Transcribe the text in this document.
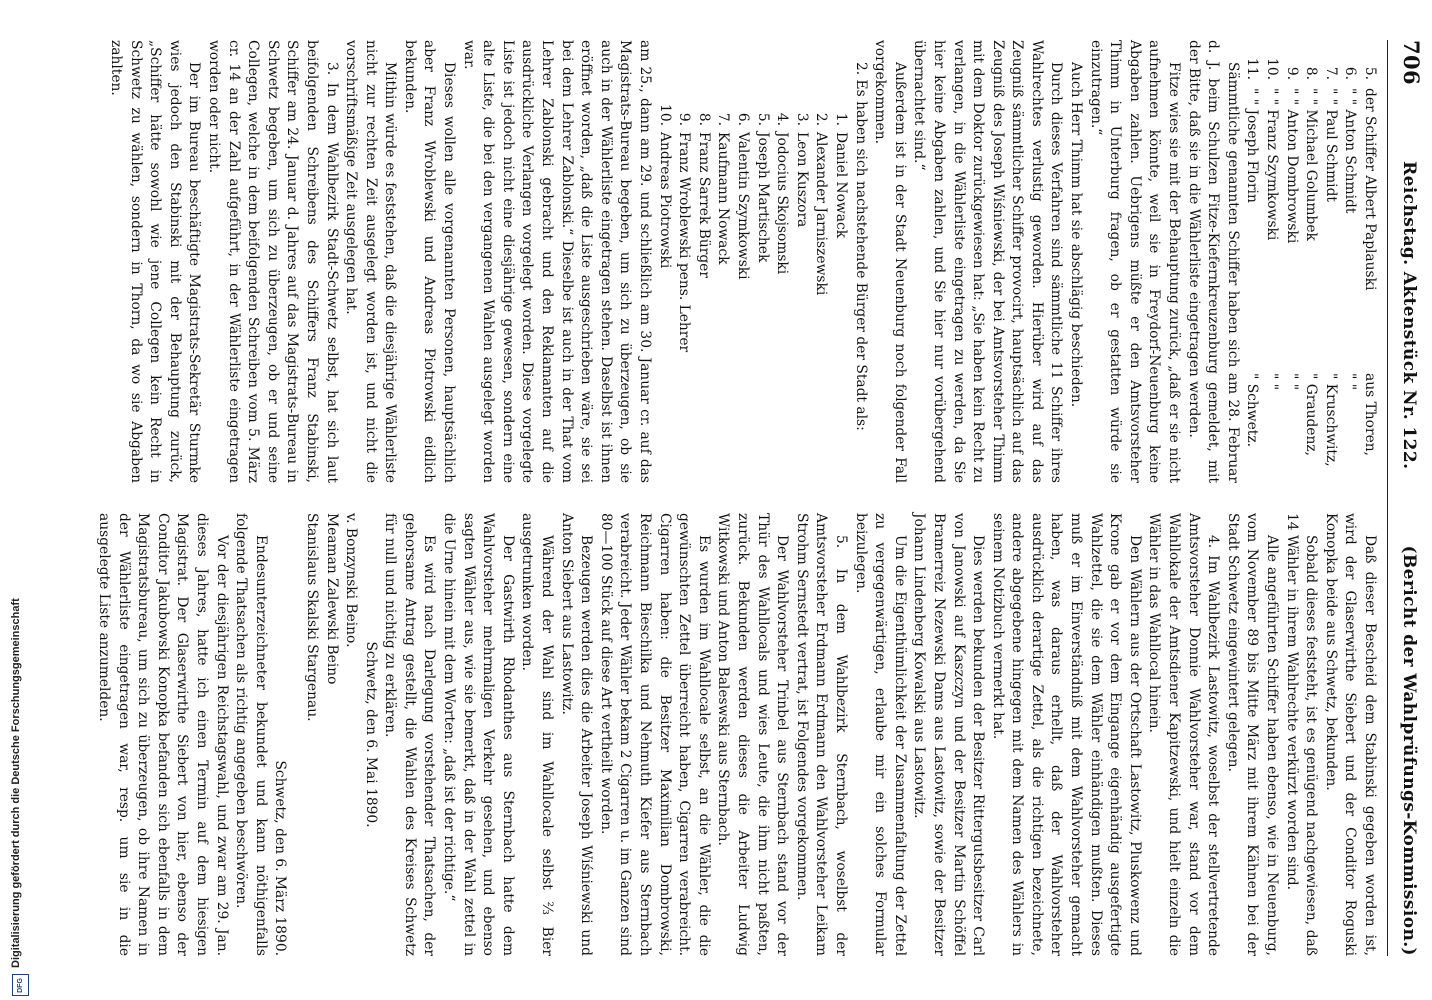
706
Reichstag. Aktenstück Nr. 122.
(Bericht der Wahlprüfungs-Kommission.)
5.
der Schiffer Albert Paplauski
aus Thoren,
6.
" " Anton Schmidt
" "
7.
" " Paul Schmidt
" Kruschwitz,
8.
" " Michael Golumbek
" Graudenz,
9.
" " Anton Dombrowski
" "
10.
" " Franz Szymkowski
" "
11.
" " Joseph Florin
" Schwetz.

Sämmtliche genannten Schiffer haben sich am 28. Februar d. J. beim Schulzen Fitze-Kiefernkreuzenburg gemeldet, mit der Bitte, daß sie in die Wählerliste eingetragen werden.

Fitze wies sie mit der Behauptung zurück, „daß er sie nicht aufnehmen könnte, weil sie in Freydorf-Neuenburg keine Abgaben zahlen. Uebrigens müßte er den Amtsvorsteher Thimm in Unterburg fragen, ob er gestatten würde sie einzutragen.“

Auch Herr Thimm hat sie abschlägig beschieden.

Durch dieses Verfahren sind sämmtliche 11 Schiffer ihres Wahlrechtes verlustig geworden. Hierüber wird auf das Zeugniß sämmtlicher Schiffer provocirt, hauptsächlich auf das Zeugniß des Joseph Wiśniewski, der bei Amtsvorsteher Thimm mit dem Doktor zurückgewiesen hat: „Sie haben kein Recht zu verlangen, in die Wählerliste eingetragen zu werden, da Sie hier keine Abgaben zahlen, und Sie hier nur vorübergehend übernachtet sind.“

Außerdem ist in der Stadt Neuenburg noch folgender Fall vorgekommen.

2. Es haben sich nachstehende Bürger der Stadt als:

1.
Daniel Nowack
2.
Alexander Jarniszewski
3.
Leon Kuszora
4.
Jodocius Skojsomski
5.
Joseph Martischek
6.
Valentin Szymkowski
7.
Kaufmann Nowack
8.
Franz Sarrek Bürger
9.
Franz Wroblewski pens. Lehrer
10.
Andreas Piotrowski

am 25., dann am 29. und schließlich am 30. Januar cr. auf das Magistrats-Bureau begeben, um sich zu überzeugen, ob sie auch in der Wählerliste eingetragen stehen. Daselbst ist ihnen eröffnet worden, „daß die Liste ausgeschrieben wäre, sie sei bei dem Lehrer Zablonski.“ Dieselbe ist auch in der That vom Lehrer Zablonski gebracht und den Reklamanten auf die ausdrückliche Verlangen vorgelegt worden. Diese vorgelegte Liste ist jedoch nicht eine diesjährige gewesen, sondern eine alte Liste, die bei den vergangenen Wahlen ausgelegt worden war.

Dieses wollen alle vorgenannten Personen, hauptsächlich aber Franz Wroblewski und Andreas Piotrowski eidlich bekunden.

Mithin würde es feststehen, daß die diesjährige Wählerliste nicht zur rechten Zeit ausgelegt worden ist, und nicht die vorschriftsmäßige Zeit ausgelegen hat.

3. In dem Wahlbezirk Stadt-Schwetz selbst, hat sich laut beifolgenden Schreibens des Schiffers Franz Stabinski, Schiffer am 24. Januar d. Jahres auf das Magistrats-Bureau in Schwetz begeben, um sich zu überzeugen, ob er und seine Collegen, welche in dem beifolgenden Schreiben vom 5. März cr. 14 an der Zahl aufgeführt, in der Wählerliste eingetragen worden oder nicht.

Der im Bureau beschäftigte Magistrats-Sekretär Sturmke wies jedoch den Stabinski mit der Behauptung zurück, „Schiffer hätte sowohl wie jene Collegen kein Recht in Schwetz zu wählen, sondern in Thorn, da wo sie Abgaben zahlten.

Daß dieser Bescheid dem Stabinski gegeben worden ist, wird der Glaserwirthe Siebert und der Conditor Roguski Konopka beide aus Schwetz, bekunden.

Sobald dieses feststeht, ist es genügend nachgewiesen, daß 14 Wähler in ihrem Wahlrechte verkürzt worden sind.

Alle angeführten Schiffer haben ebenso, wie in Neuenburg, vom November 89 bis Mitte März mit ihrem Kähnen bei der Stadt Schwetz eingewintert gelegen.

4. Im Wahlbezirk Lastowitz, woselbst der stellvertretende Amtsvorsteher Donnie Wahlvorsteher war, stand vor dem Wahllokale der Amtsdiener Kapitzewski, und hielt einzeln die Wähler in das Wahllocal hinein.

Den Wählern aus der Ortschaft Lastowitz, Pluskowenz und Krone gab er vor dem Eingange eigenhändig ausgefertigte Wahlzettel, die sie dem Wähler einhändigen mußten. Dieses muß er im Einverständniß mit dem Wahlvorsteher gemacht haben, was daraus erhellt, daß der Wahlvorsteher ausdrücklich derartige Zettel, als die richtigen bezeichnete, andere abgegebene hingegen mit dem Namen des Wählers in seinem Notizbuch vermerkt hat.

Dies werden bekunden der Besitzer Rittergutsbesitzer Carl von Janowski auf Kaszczyn und der Besitzer Martin Schöffel Bramerreiz Nezewski Dams aus Lastowitz, sowie der Besitzer Johann Lindenberg Kowalski aus Lastowitz.

Um die Eigenthümlichkeit der Zusammenfaltung der Zettel zu vergegenwärtigen, erlaube mir ein solches Formular beizulegen.

5. In dem Wahlbezirk Sternbach, woselbst der Amtsvorsteher Erdmann Erdmann den Wahlvorsteher Leikam Strohm Sernstedt vertrat, ist Folgendes vorgekommen.

Der Wahlvorsteher Trinbel aus Sternbach stand vor der Thür des Wahllocals und wies Leute, die ihm nicht paßten, zurück. Bekunden werden dieses die Arbeiter Ludwig Witkowski und Anton Baleswski aus Sternbach.

Es wurden im Wahllocale selbst, an die Wähler, die die gewünschten Zettel überreicht haben, Cigarren verabreicht. Cigarren haben: die Besitzer Maximilian Dombrowski, Reichmann Bieschilka und Nehmuth Kiefer aus Sternbach verabreicht. Jeder Wähler bekam 2 Cigarren u. im Ganzen sind 80—100 Stück auf diese Art vertheilt worden.

Bezeugen werden dies die Arbeiter Joseph Wiśniewski und Anton Siebert aus Lastowitz.

Während der Wahl sind im Wahllocale selbst ⅔ Bier ausgetrunken worden.

Der Gastwirth Rhodanthes aus Sternbach hatte dem Wahlvorsteher mehrmaligen Verkehr gesehen, und ebenso sagten Wähler aus, wie sie bemerkt, daß in der Wahl zettel in die Urne hinein mit dem Worten: „daß ist der richtige.“

Es wird nach Darlegung vorstehender Thatsachen, der gehorsame Antrag gestellt, die Wahlen des Kreises Schwetz für null und nichtig zu erklären.

Schwetz, den 6. Mai 1890.

v. Bonzynski Beino.

Meaman Zalewski Beino

Stanislaus Skalski Stargenau.

Schwetz, den 6. März 1890.

Endesunterzeichneter bekundet und kann nöthigenfalls folgende Thatsachen als richtig angegeben beschwören.

Vor der diesjährigen Reichstagswahl, und zwar am 29. Jan. dieses Jahres, hatte ich einen Termin auf dem hiesigen Magistrat. Der Glaserwirthe Siebert von hier, ebenso der Conditor Jakubowski Konopka befanden sich ebenfalls in dem Magistratsbureau, um sich zu überzeugen, ob ihre Namen in der Wählerliste eingetragen war, resp. um sie in die ausgelegte Liste anzumelden.

Digitalisierung gefördert durch die Deutsche Forschungsgemeinschaft
DFG
